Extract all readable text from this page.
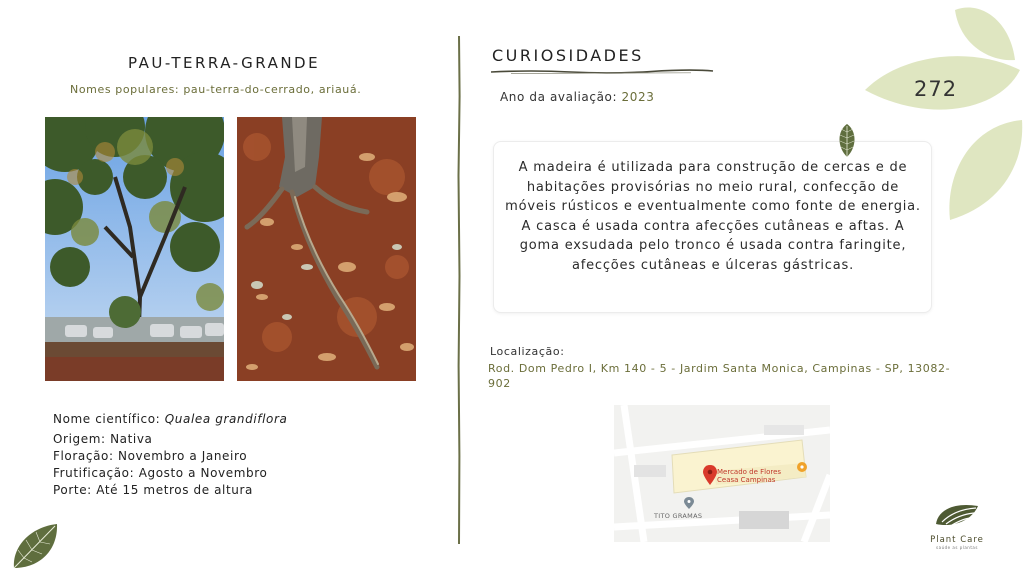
PAU-TERRA-GRANDE
Nomes populares: pau-terra-do-cerrado, ariauá.
Nome científico: Qualea grandiflora
Origem: Nativa
Floração: Novembro a Janeiro
Frutificação: Agosto a Novembro
Porte: Até 15 metros de altura
CURIOSIDADES
Ano da avaliação: 2023
A madeira é utilizada para construção de cercas e de habitações provisórias no meio rural, confecção de móveis rústicos e eventualmente como fonte de energia. A casca é usada contra afecções cutâneas e aftas. A goma exsudada pelo tronco é usada contra faringite, afecções cutâneas e úlceras gástricas.
Localização:
Rod. Dom Pedro I, Km 140 - 5 - Jardim Santa Monica, Campinas - SP, 13082-902
Mercado de Flores Ceasa Campinas
TITO GRAMAS
272
Plant Care
saúde as plantas
